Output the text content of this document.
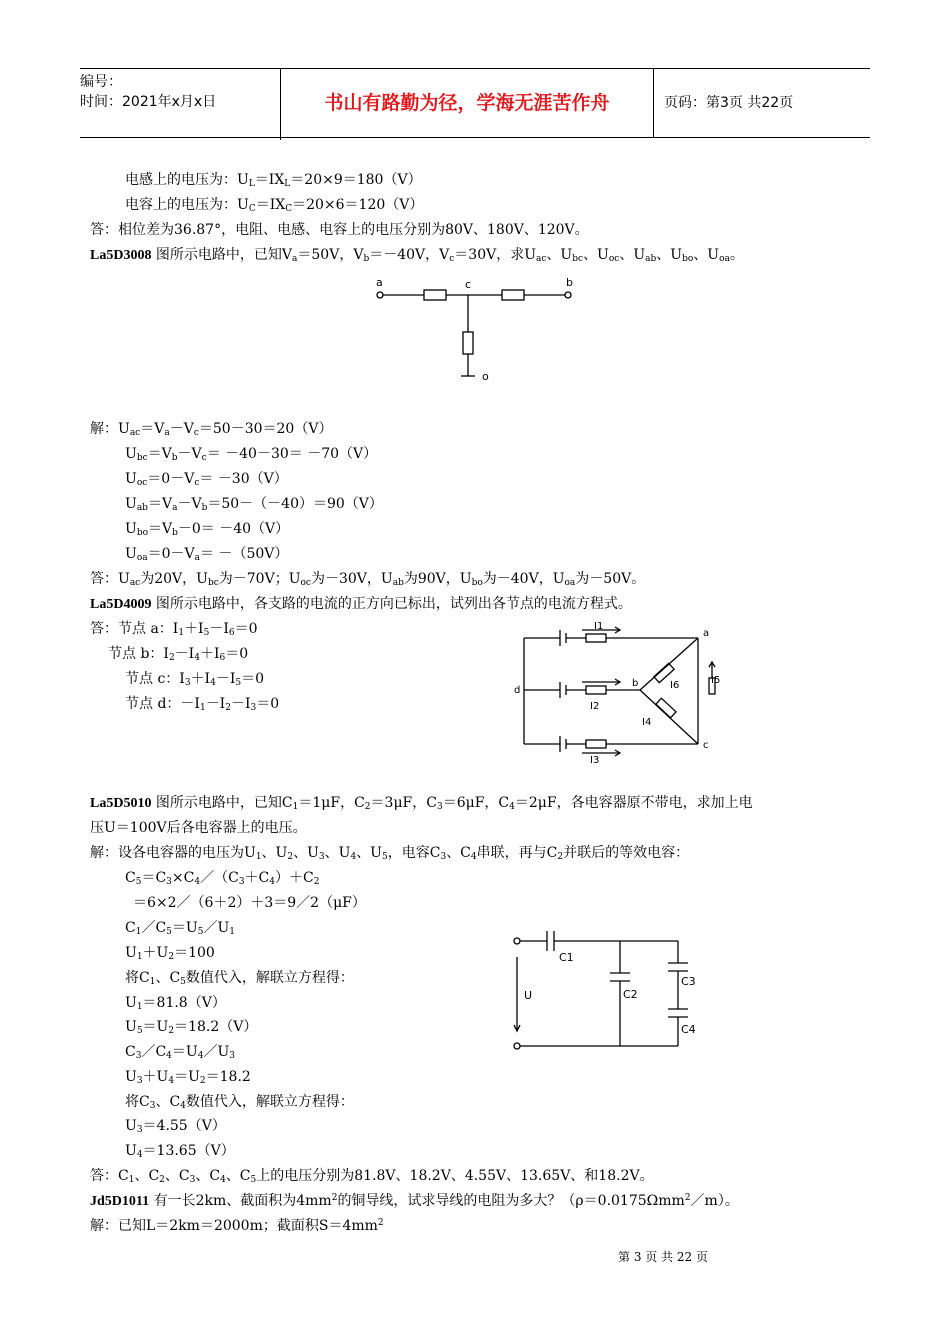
编号：
时间：2021年x月x日	书山有路勤为径，学海无涯苦作舟	页码：第3页 共22页
电感上的电压为：$U_L=IX_L=20\times 9=180(V)$
电容上的电压为：$U_C=IX_C=20\times 6=120(V)$
答：相位差为36.87°，电阻、电感、电容上的电压分别为80V、180V、120V。
La5D3008 图所示电路中，已知$V_a=50V$，$V_b=-40V$，$V_c=30V$，求$U_{ac}$、$U_{bc}$、$U_{oc}$、$U_{ab}$、$U_{bo}$、$U_{oa}$。
a	b
c
o
解：$U_{ac}=V_a-V_c=50-30=20(V)$
$U_{bc}=V_b-V_c= -40-30= -70(V)$
$U_{oc}=0-V_c= -30(V)$
$U_{ab}=V_a-V_b=50-(-40)=90(V)$
$U_{bo}=V_b-0= -40(V)$
$U_{oa}=0-V_a= -(50V)$
答：$U_{ac}$为20V，$U_{bc}$为－70V；$U_{oc}$为－30V，$U_{ab}$为90V，$U_{bo}$为－40V，$U_{oa}$为－50V。
La5D4009 图所示电路中，各支路的电流的正方向已标出，试列出各节点的电流方程式。
答：节点 a：$I_1+I_5-I_6=0$
节点 b：$I_2-I_4+I_6=0$
节点 c：$I_3+I_4-I_5=0$
节点 d：$-I_1-I_2-I_3=0$
I1
I2
I3
I4
I5
I6
a
b
c
d
La5D5010 图所示电路中，已知$C_1=1\mu F$，$C_2=3\mu F$，$C_3=6\mu F$，$C_4=2\mu F$，各电容器原不带电，求加上电
压U＝100V后各电容器上的电压。
解：设各电容器的电压为$U_1$、$U_2$、$U_3$、$U_4$、$U_5$，电容$C_3$、$C_4$串联，再与$C_2$并联后的等效电容：
$C_5=C_3\times C_4/(C_3+C_4)+C_2$
＝6×2／（6＋2）＋3＝9／2（μF）
$C_1/C_5=U_5/U_1$
$U_1+U_2=100$
将$C_1$、$C_5$数值代入，解联立方程得：
$U_1=81.8(V)$
$U_5=U_2=18.2(V)$
$C_3/C_4=U_4/U_3$
$U_3+U_4=U_2=18.2$
将$C_3$、$C_4$数值代入，解联立方程得：
$U_3=4.55(V)$
$U_4=13.65(V)$
C1
C2
C3
C4
U
答：$C_1$、$C_2$、$C_3$、$C_4$、$C_5$上的电压分别为81.8V、18.2V、4.55V、13.65V、和18.2V。
Jd5D1011 有一长2km、截面积为$4mm^2$的铜导线，试求导线的电阻为多大？（ρ＝0.0175Ωmm$^2$／m）。
解：已知L＝2km＝2000m；截面积$S=4mm^2$
第 3 页 共 22 页
